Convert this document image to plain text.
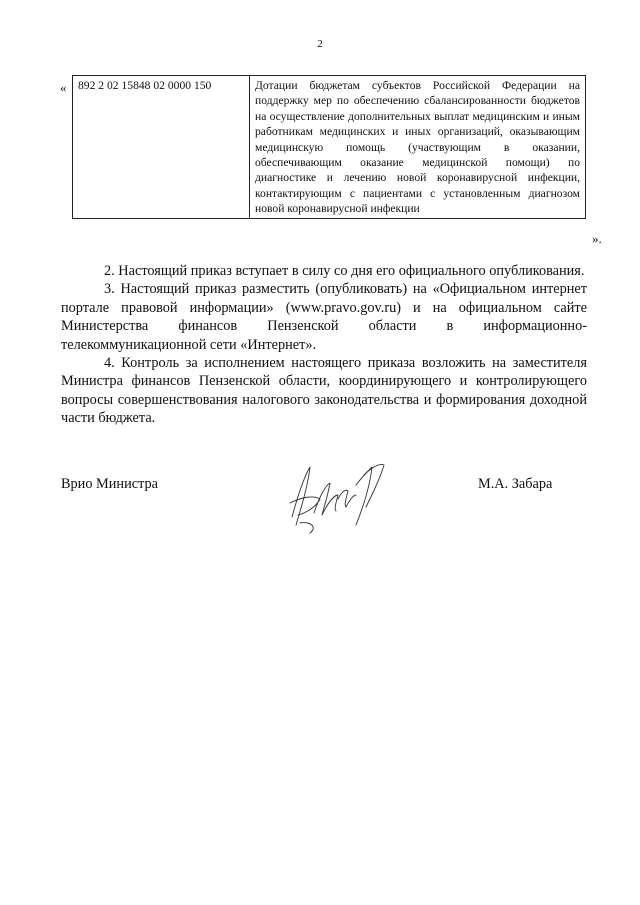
2
« 892 2 02 15848 02 0000 150	Дотации бюджетам субъектов Российской Федерации на поддержку мер по обеспечению сбалансированности бюджетов на осуществление дополнительных выплат медицинским и иным работникам медицинских и иных организаций, оказывающим медицинскую помощь (участвующим в оказании, обеспечивающим оказание медицинской помощи) по диагностике и лечению новой коронавирусной инфекции, контактирующим с пациентами с установленным диагнозом новой коронавирусной инфекции
».

2. Настоящий приказ вступает в силу со дня его официального опубликования.

3. Настоящий приказ разместить (опубликовать) на «Официальном интернет портале правовой информации» (www.pravo.gov.ru) и на официальном сайте Министерства финансов Пензенской области в информационно-телекоммуникационной сети «Интернет».

4. Контроль за исполнением настоящего приказа возложить на заместителя Министра финансов Пензенской области, координирующего и контролирующего вопросы совершенствования налогового законодательства и формирования доходной части бюджета.

Врио Министра	М.А. Забара
